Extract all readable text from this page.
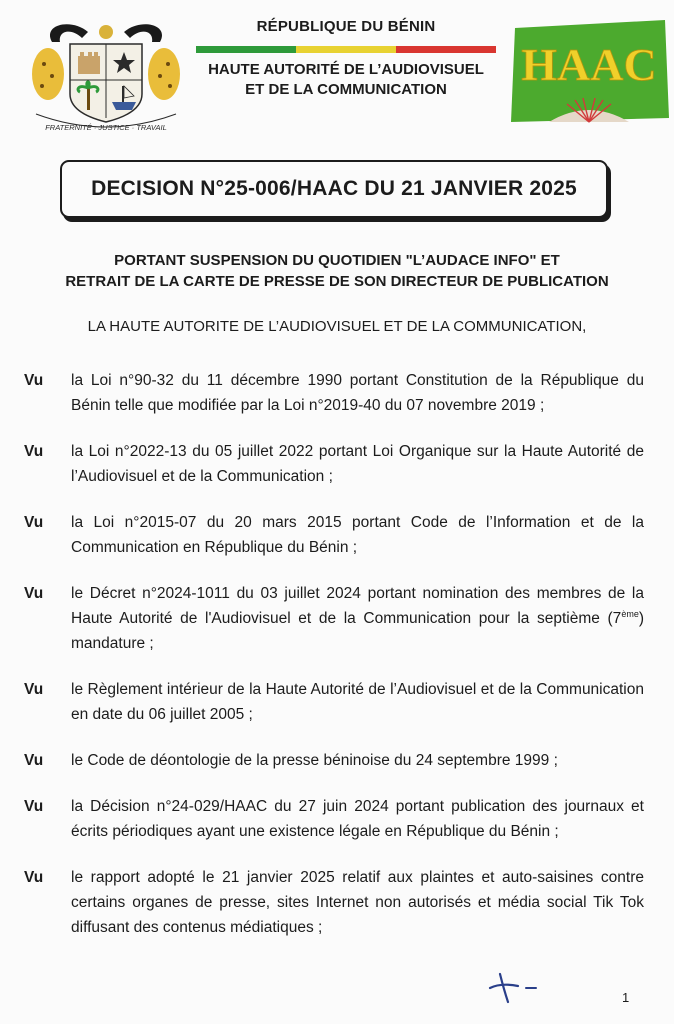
FRATERNITÉ · JUSTICE · TRAVAIL
RÉPUBLIQUE DU BÉNIN
HAUTE AUTORITÉ DE L’AUDIOVISUEL
ET DE LA COMMUNICATION	HAAC
DECISION N°25-006/HAAC DU 21 JANVIER 2025
PORTANT SUSPENSION DU QUOTIDIEN "L’AUDACE INFO" ET
RETRAIT DE LA CARTE DE PRESSE DE SON DIRECTEUR DE PUBLICATION
LA HAUTE AUTORITE DE L’AUDIOVISUEL ET DE LA COMMUNICATION,
Vu	la Loi n°90-32 du 11 décembre 1990 portant Constitution de la République du Bénin telle que modifiée par la Loi n°2019-40 du 07 novembre 2019 ;
Vu	la Loi n°2022-13 du 05 juillet 2022 portant Loi Organique sur la Haute Autorité de l’Audiovisuel et de la Communication ;
Vu	la Loi n°2015-07 du 20 mars 2015 portant Code de l’Information et de la Communication en République du Bénin ;
Vu	le Décret n°2024-1011 du 03 juillet 2024 portant nomination des membres de la Haute Autorité de l'Audiovisuel et de la Communication pour la septième (7ème) mandature ;
Vu	le Règlement intérieur de la Haute Autorité de l’Audiovisuel et de la Communication en date du 06 juillet 2005 ;
Vu	le Code de déontologie de la presse béninoise du 24 septembre 1999 ;
Vu	la Décision n°24-029/HAAC du 27 juin 2024 portant publication des journaux et écrits périodiques ayant une existence légale en République du Bénin ;
Vu	le rapport adopté le 21 janvier 2025 relatif aux plaintes et auto-saisines contre certains organes de presse, sites Internet non autorisés et média social Tik Tok diffusant des contenus médiatiques ;
1
